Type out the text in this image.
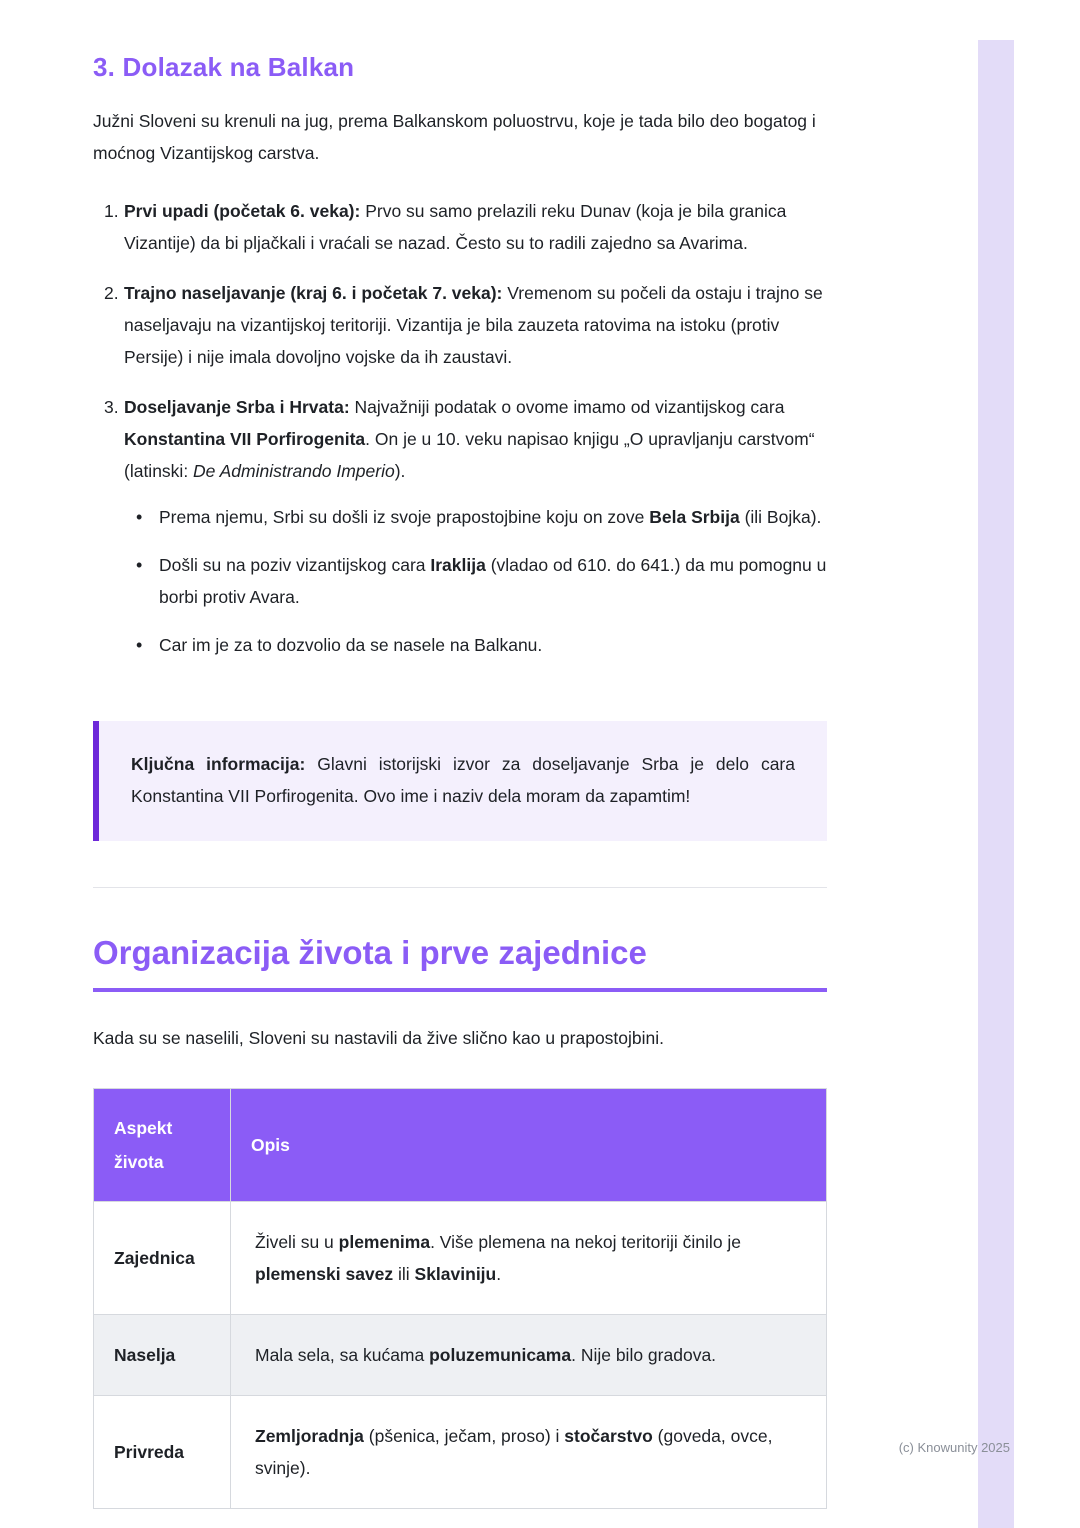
3. Dolazak na Balkan

Južni Sloveni su krenuli na jug, prema Balkanskom poluostrvu, koje je tada bilo deo bogatog i moćnog Vizantijskog carstva.

1. Prvi upadi (početak 6. veka): Prvo su samo prelazili reku Dunav (koja je bila granica Vizantije) da bi pljačkali i vraćali se nazad. Često su to radili zajedno sa Avarima.
2. Trajno naseljavanje (kraj 6. i početak 7. veka): Vremenom su počeli da ostaju i trajno se naseljavaju na vizantijskoj teritoriji. Vizantija je bila zauzeta ratovima na istoku (protiv Persije) i nije imala dovoljno vojske da ih zaustavi.
3. Doseljavanje Srba i Hrvata: Najvažniji podatak o ovome imamo od vizantijskog cara Konstantina VII Porfirogenita. On je u 10. veku napisao knjigu „O upravljanju carstvom“ (latinski: De Administrando Imperio).
• Prema njemu, Srbi su došli iz svoje prapostojbine koju on zove Bela Srbija (ili Bojka).
• Došli su na poziv vizantijskog cara Iraklija (vladao od 610. do 641.) da mu pomognu u borbi protiv Avara.
• Car im je za to dozvolio da se nasele na Balkanu.

Ključna informacija: Glavni istorijski izvor za doseljavanje Srba je delo cara Konstantina VII Porfirogenita. Ovo ime i naziv dela moram da zapamtim!

Organizacija života i prve zajednice

Kada su se naselili, Sloveni su nastavili da žive slično kao u prapostojbini.

Aspekt života	Opis
Zajednica	Živeli su u plemenima. Više plemena na nekoj teritoriji činilo je plemenski savez ili Sklaviniju.
Naselja	Mala sela, sa kućama poluzemunicama. Nije bilo gradova.
Privreda	Zemljoradnja (pšenica, ječam, proso) i stočarstvo (goveda, ovce, svinje).
(c) Knowunity 2025
